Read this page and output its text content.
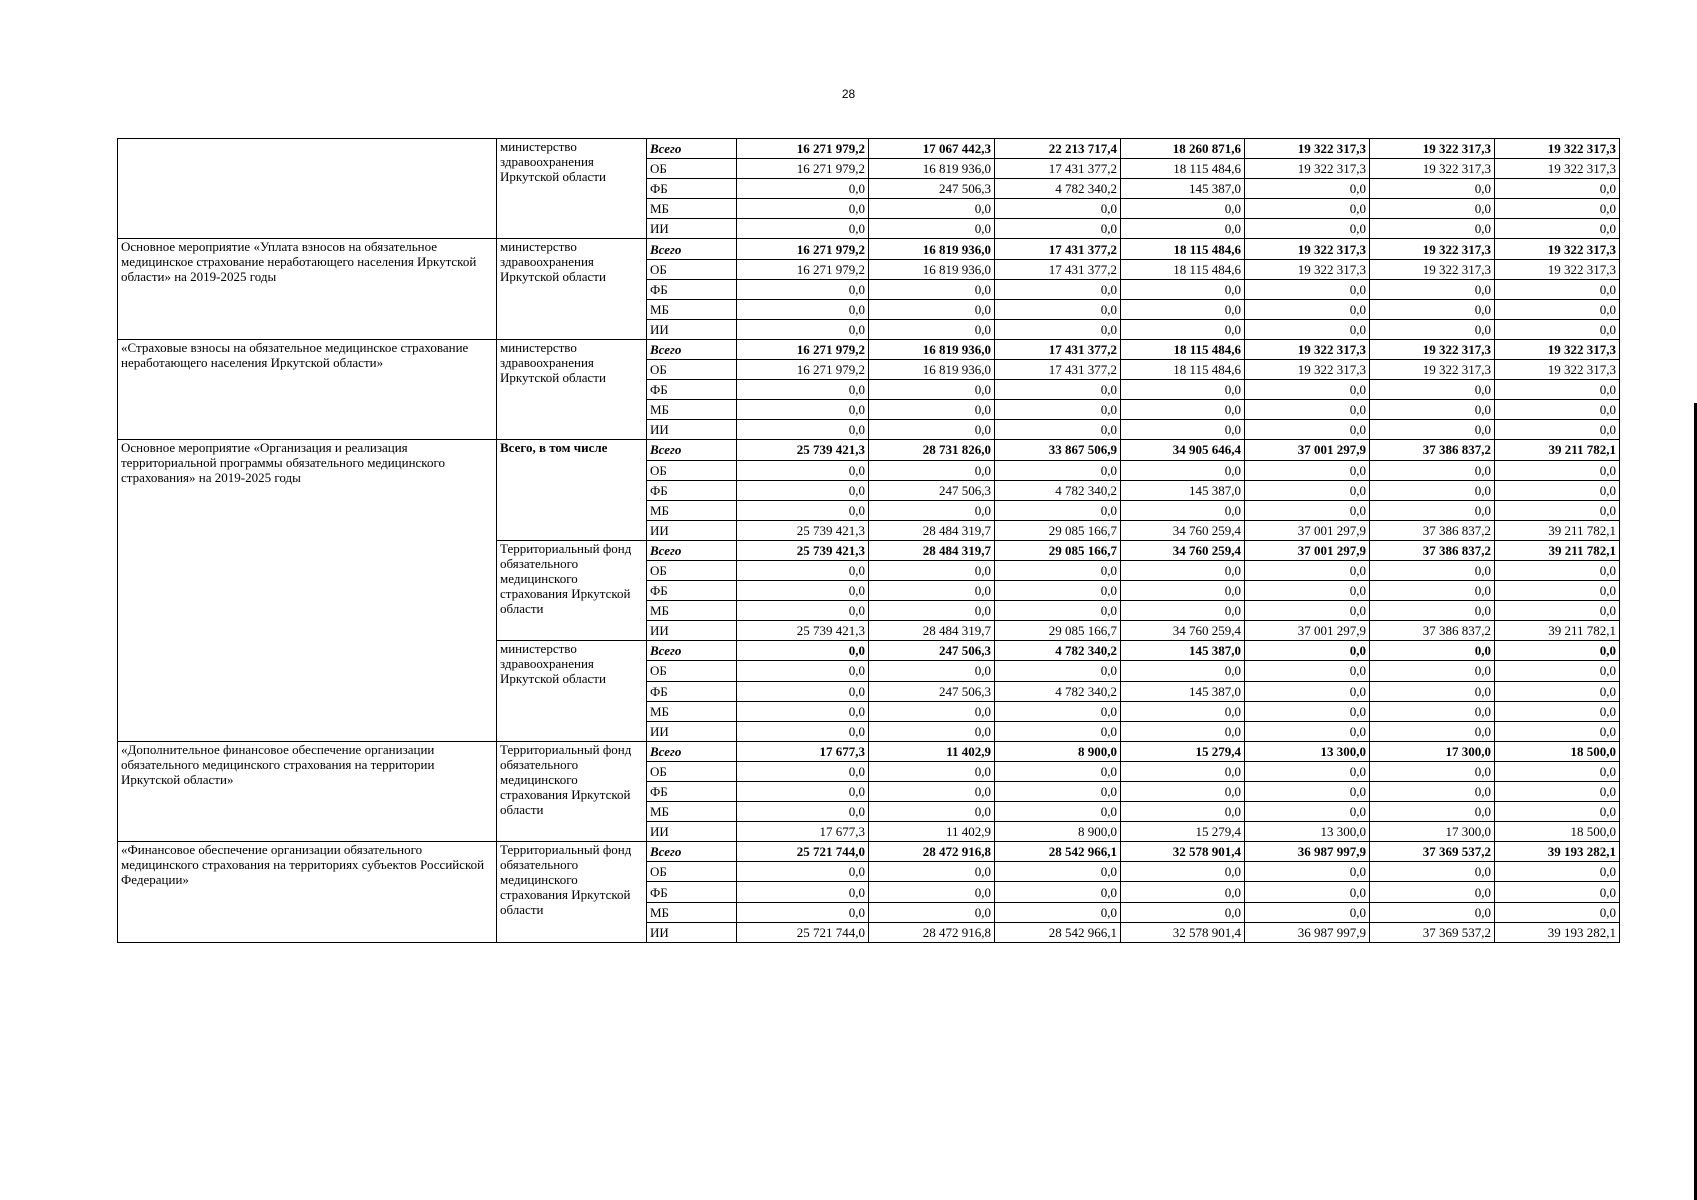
28
	министерство здравоохранения Иркутской области	Всего	16 271 979,2	17 067 442,3	22 213 717,4	18 260 871,6	19 322 317,3	19 322 317,3	19 322 317,3
		ОБ	16 271 979,2	16 819 936,0	17 431 377,2	18 115 484,6	19 322 317,3	19 322 317,3	19 322 317,3
		ФБ	0,0	247 506,3	4 782 340,2	145 387,0	0,0	0,0	0,0
		МБ	0,0	0,0	0,0	0,0	0,0	0,0	0,0
		ИИ	0,0	0,0	0,0	0,0	0,0	0,0	0,0
Основное мероприятие «Уплата взносов на обязательное медицинское страхование неработающего населения Иркутской области» на 2019-2025 годы	министерство здравоохранения Иркутской области	Всего	16 271 979,2	16 819 936,0	17 431 377,2	18 115 484,6	19 322 317,3	19 322 317,3	19 322 317,3
		ОБ	16 271 979,2	16 819 936,0	17 431 377,2	18 115 484,6	19 322 317,3	19 322 317,3	19 322 317,3
		ФБ	0,0	0,0	0,0	0,0	0,0	0,0	0,0
		МБ	0,0	0,0	0,0	0,0	0,0	0,0	0,0
		ИИ	0,0	0,0	0,0	0,0	0,0	0,0	0,0
«Страховые взносы на обязательное медицинское страхование неработающего населения Иркутской области»	министерство здравоохранения Иркутской области	Всего	16 271 979,2	16 819 936,0	17 431 377,2	18 115 484,6	19 322 317,3	19 322 317,3	19 322 317,3
		ОБ	16 271 979,2	16 819 936,0	17 431 377,2	18 115 484,6	19 322 317,3	19 322 317,3	19 322 317,3
		ФБ	0,0	0,0	0,0	0,0	0,0	0,0	0,0
		МБ	0,0	0,0	0,0	0,0	0,0	0,0	0,0
		ИИ	0,0	0,0	0,0	0,0	0,0	0,0	0,0
Основное мероприятие «Организация и реализация территориальной программы обязательного медицинского страхования» на 2019-2025 годы	Всего, в том числе	Всего	25 739 421,3	28 731 826,0	33 867 506,9	34 905 646,4	37 001 297,9	37 386 837,2	39 211 782,1
		ОБ	0,0	0,0	0,0	0,0	0,0	0,0	0,0
		ФБ	0,0	247 506,3	4 782 340,2	145 387,0	0,0	0,0	0,0
		МБ	0,0	0,0	0,0	0,0	0,0	0,0	0,0
		ИИ	25 739 421,3	28 484 319,7	29 085 166,7	34 760 259,4	37 001 297,9	37 386 837,2	39 211 782,1
	Территориальный фонд обязательного медицинского страхования Иркутской области	Всего	25 739 421,3	28 484 319,7	29 085 166,7	34 760 259,4	37 001 297,9	37 386 837,2	39 211 782,1
		ОБ	0,0	0,0	0,0	0,0	0,0	0,0	0,0
		ФБ	0,0	0,0	0,0	0,0	0,0	0,0	0,0
		МБ	0,0	0,0	0,0	0,0	0,0	0,0	0,0
		ИИ	25 739 421,3	28 484 319,7	29 085 166,7	34 760 259,4	37 001 297,9	37 386 837,2	39 211 782,1
	министерство здравоохранения Иркутской области	Всего	0,0	247 506,3	4 782 340,2	145 387,0	0,0	0,0	0,0
		ОБ	0,0	0,0	0,0	0,0	0,0	0,0	0,0
		ФБ	0,0	247 506,3	4 782 340,2	145 387,0	0,0	0,0	0,0
		МБ	0,0	0,0	0,0	0,0	0,0	0,0	0,0
		ИИ	0,0	0,0	0,0	0,0	0,0	0,0	0,0
«Дополнительное финансовое обеспечение организации обязательного медицинского страхования на территории Иркутской области»	Территориальный фонд обязательного медицинского страхования Иркутской области	Всего	17 677,3	11 402,9	8 900,0	15 279,4	13 300,0	17 300,0	18 500,0
		ОБ	0,0	0,0	0,0	0,0	0,0	0,0	0,0
		ФБ	0,0	0,0	0,0	0,0	0,0	0,0	0,0
		МБ	0,0	0,0	0,0	0,0	0,0	0,0	0,0
		ИИ	17 677,3	11 402,9	8 900,0	15 279,4	13 300,0	17 300,0	18 500,0
«Финансовое обеспечение организации обязательного медицинского страхования на территориях субъектов Российской Федерации»	Территориальный фонд обязательного медицинского страхования Иркутской области	Всего	25 721 744,0	28 472 916,8	28 542 966,1	32 578 901,4	36 987 997,9	37 369 537,2	39 193 282,1
		ОБ	0,0	0,0	0,0	0,0	0,0	0,0	0,0
		ФБ	0,0	0,0	0,0	0,0	0,0	0,0	0,0
		МБ	0,0	0,0	0,0	0,0	0,0	0,0	0,0
		ИИ	25 721 744,0	28 472 916,8	28 542 966,1	32 578 901,4	36 987 997,9	37 369 537,2	39 193 282,1
